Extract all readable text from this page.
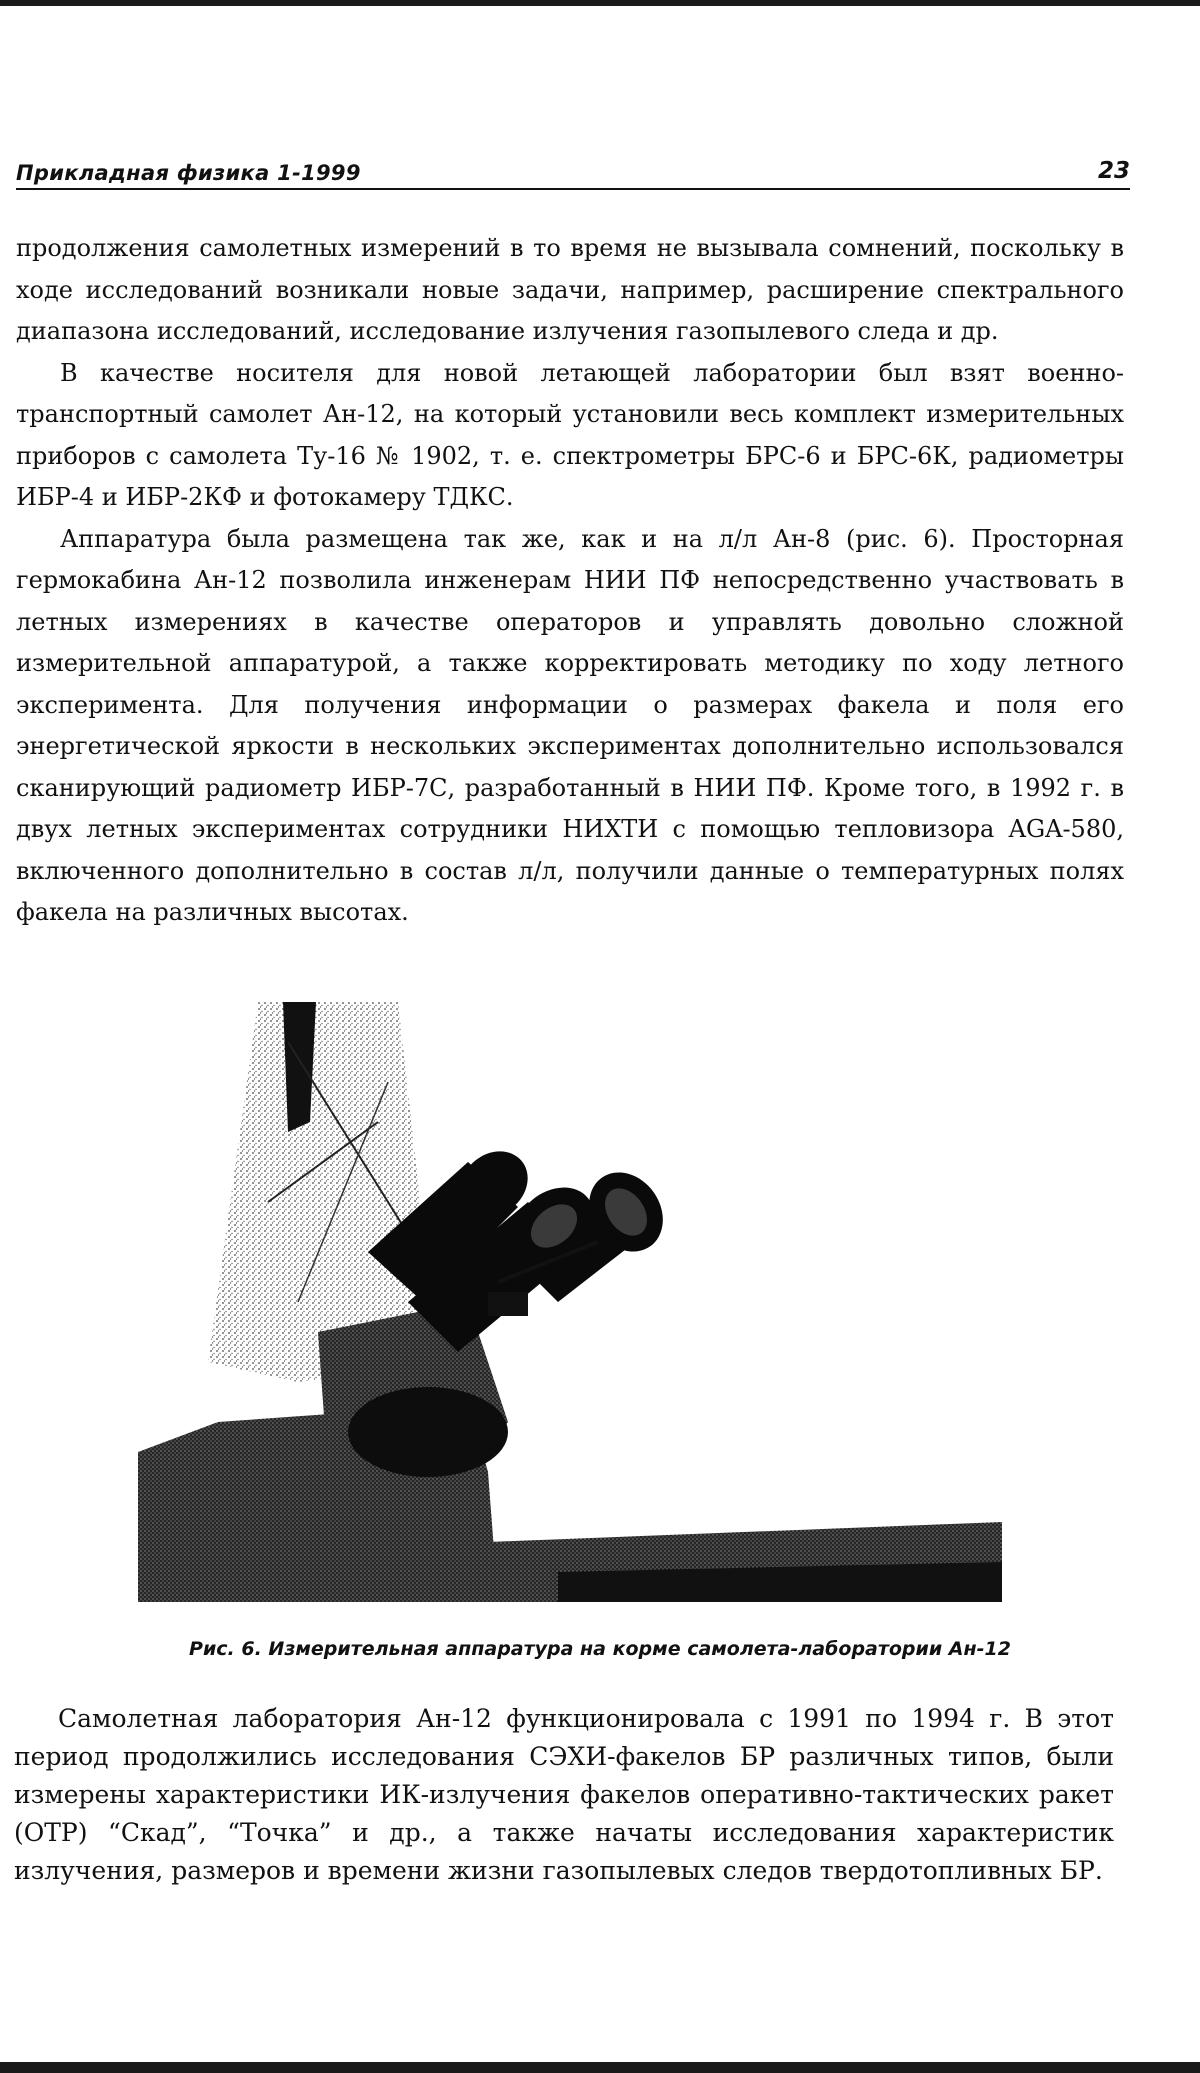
Прикладная физика 1-1999	23

продолжения самолетных измерений в то время не вызывала сомнений, поскольку в ходе исследований возникали новые задачи, например, расширение спектрального диапазона исследований, исследование излучения газопылевого следа и др.

В качестве носителя для новой летающей лаборатории был взят военно-транспортный самолет Ан-12, на который установили весь комплект измерительных приборов с самолета Ту-16 № 1902, т. е. спектрометры БРС-6 и БРС-6К, радиометры ИБР-4 и ИБР-2КФ и фотокамеру ТДКС.

Аппаратура была размещена так же, как и на л/л Ан-8 (рис. 6). Просторная гермокабина Ан-12 позволила инженерам НИИ ПФ непосредственно участвовать в летных измерениях в качестве операторов и управлять довольно сложной измерительной аппаратурой, а также корректировать методику по ходу летного эксперимента. Для получения информации о размерах факела и поля его энергетической яркости в нескольких экспериментах дополнительно использовался сканирующий радиометр ИБР-7С, разработанный в НИИ ПФ. Кроме того, в 1992 г. в двух летных экспериментах сотрудники НИХТИ с помощью тепловизора AGA-580, включенного дополнительно в состав л/л, получили данные о температурных полях факела на различных высотах.

Рис. 6. Измерительная аппаратура на корме самолета-лаборатории Ан-12

Самолетная лаборатория Ан-12 функционировала с 1991 по 1994 г. В этот период продолжились исследования СЭХИ-факелов БР различных типов, были измерены характеристики ИК-излучения факелов оперативно-тактических ракет (ОТР) “Скад”, “Точка” и др., а также начаты исследования характеристик излучения, размеров и времени жизни газопылевых следов твердотопливных БР.
